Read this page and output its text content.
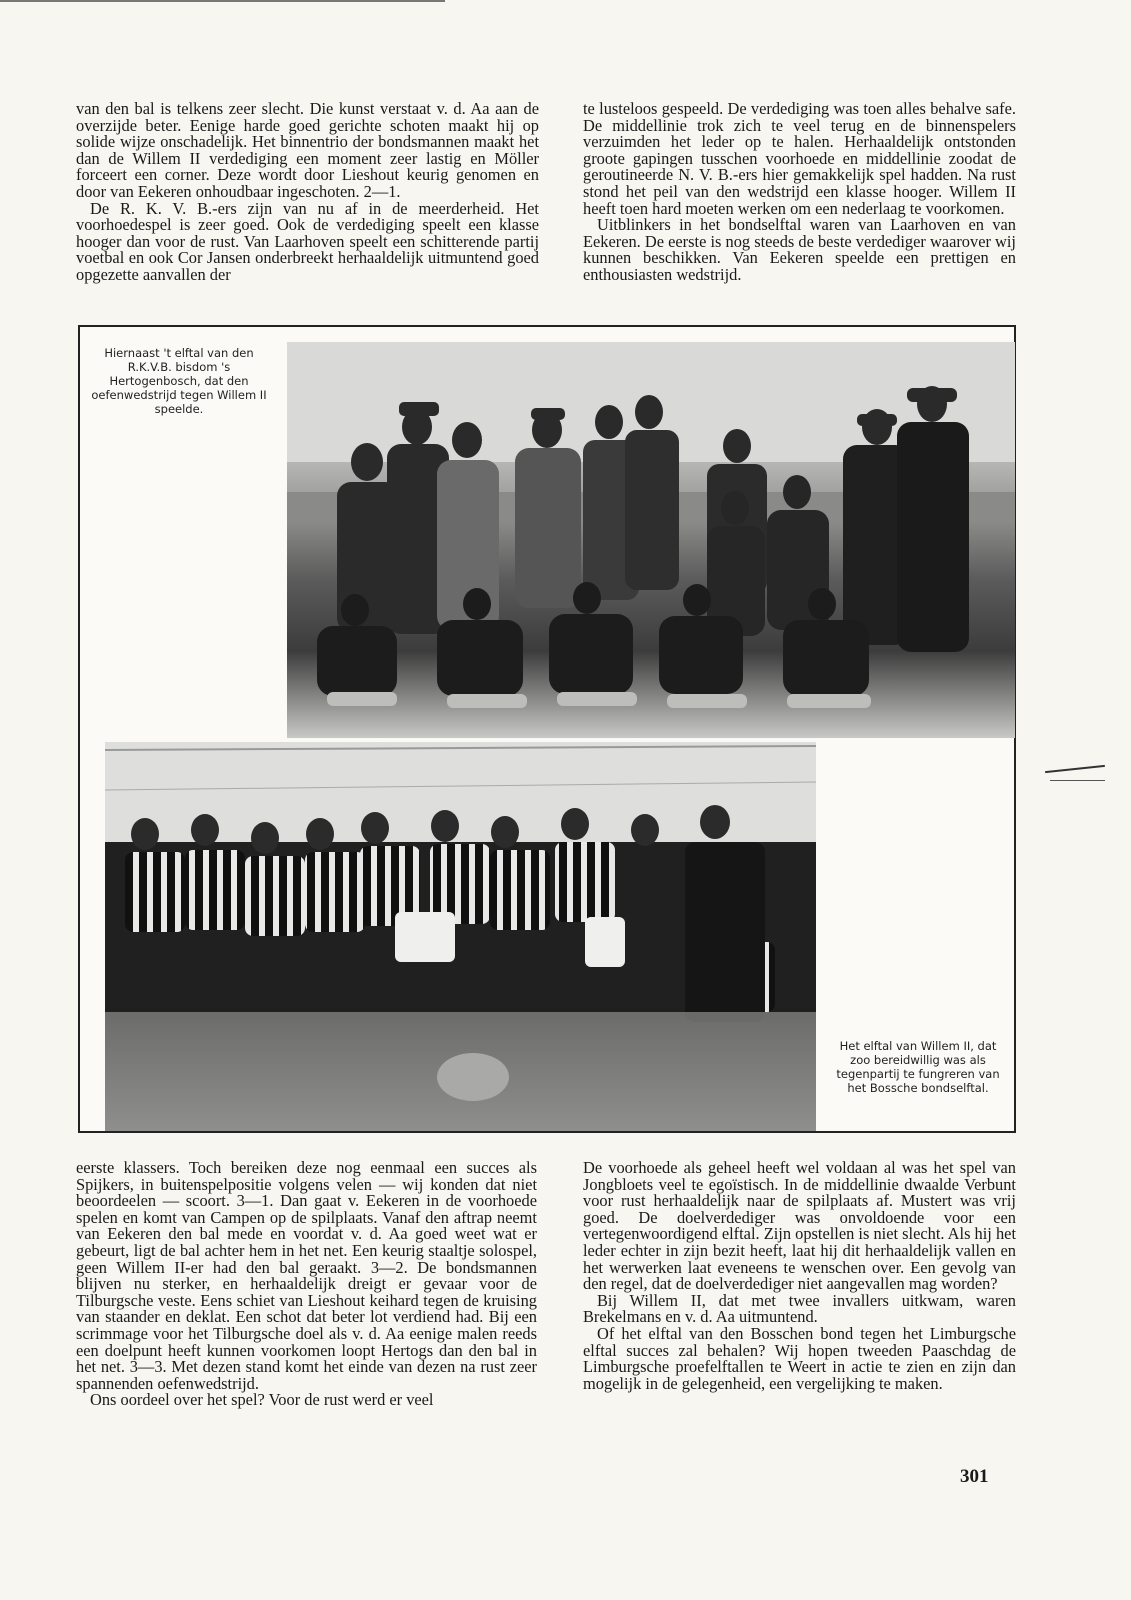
van den bal is telkens zeer slecht. Die kunst verstaat v. d. Aa aan de overzijde beter. Eenige harde goed gerichte schoten maakt hij op solide wijze onschadelijk. Het binnentrio der bondsmannen maakt het dan de Willem II verdediging een moment zeer lastig en Möller forceert een corner. Deze wordt door Lieshout keurig genomen en door van Eekeren onhoudbaar ingeschoten. 2—1.

De R. K. V. B.-ers zijn van nu af in de meerderheid. Het voorhoedespel is zeer goed. Ook de verdediging speelt een klasse hooger dan voor de rust. Van Laarhoven speelt een schitterende partij voetbal en ook Cor Jansen onderbreekt herhaaldelijk uitmuntend goed opgezette aanvallen der

te lusteloos gespeeld. De verdediging was toen alles behalve safe. De middellinie trok zich te veel terug en de binnenspelers verzuimden het leder op te halen. Herhaaldelijk ontstonden groote gapingen tusschen voorhoede en middellinie zoodat de geroutineerde N. V. B.-ers hier gemakkelijk spel hadden. Na rust stond het peil van den wedstrijd een klasse hooger. Willem II heeft toen hard moeten werken om een nederlaag te voorkomen.

Uitblinkers in het bondselftal waren van Laarhoven en van Eekeren. De eerste is nog steeds de beste verdediger waarover wij kunnen beschikken. Van Eekeren speelde een prettigen en enthousiasten wedstrijd.

Hiernaast 't elftal van den R.K.V.B. bisdom 's Hertogenbosch, dat den oefenwedstrijd tegen Willem II speelde.
Het elftal van Willem II, dat zoo bereidwillig was als tegenpartij te fungreren van het Bossche bondselftal.

eerste klassers. Toch bereiken deze nog eenmaal een succes als Spijkers, in buitenspelpositie volgens velen — wij konden dat niet beoordeelen — scoort. 3—1. Dan gaat v. Eekeren in de voorhoede spelen en komt van Campen op de spilplaats. Vanaf den aftrap neemt van Eekeren den bal mede en voordat v. d. Aa goed weet wat er gebeurt, ligt de bal achter hem in het net. Een keurig staaltje solospel, geen Willem II-er had den bal geraakt. 3—2. De bondsmannen blijven nu sterker, en herhaaldelijk dreigt er gevaar voor de Tilburgsche veste. Eens schiet van Lieshout keihard tegen de kruising van staander en deklat. Een schot dat beter lot verdiend had. Bij een scrimmage voor het Tilburgsche doel als v. d. Aa eenige malen reeds een doelpunt heeft kunnen voorkomen loopt Hertogs dan den bal in het net. 3—3. Met dezen stand komt het einde van dezen na rust zeer spannenden oefenwedstrijd.

Ons oordeel over het spel? Voor de rust werd er veel

De voorhoede als geheel heeft wel voldaan al was het spel van Jongbloets veel te egoïstisch. In de middellinie dwaalde Verbunt voor rust herhaaldelijk naar de spilplaats af. Mustert was vrij goed. De doelverdediger was onvoldoende voor een vertegenwoordigend elftal. Zijn opstellen is niet slecht. Als hij het leder echter in zijn bezit heeft, laat hij dit herhaaldelijk vallen en het werwerken laat eveneens te wenschen over. Een gevolg van den regel, dat de doelverdediger niet aangevallen mag worden?

Bij Willem II, dat met twee invallers uitkwam, waren Brekelmans en v. d. Aa uitmuntend.

Of het elftal van den Bosschen bond tegen het Limburgsche elftal succes zal behalen? Wij hopen tweeden Paaschdag de Limburgsche proefelftallen te Weert in actie te zien en zijn dan mogelijk in de gelegenheid, een vergelijking te maken.

301
